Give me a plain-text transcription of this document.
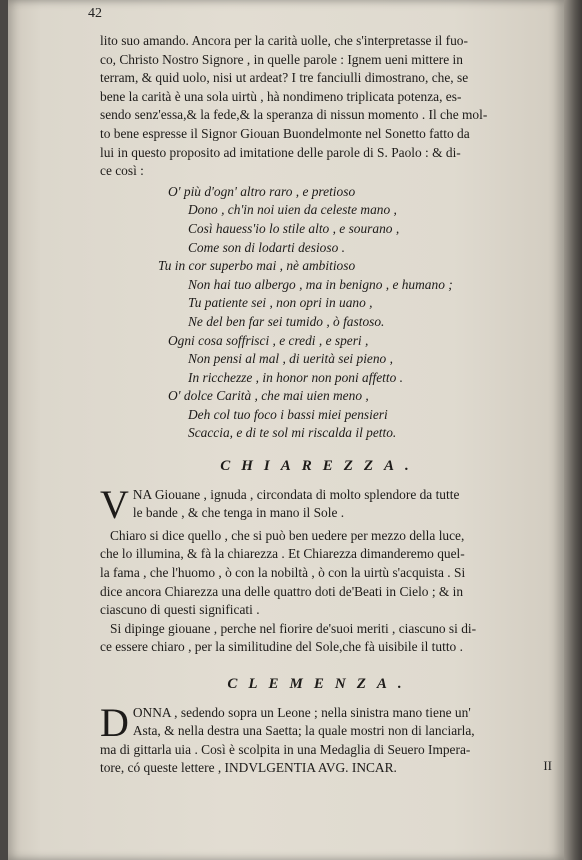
42
lito suo amando. Ancora per la carità uolle, che s'interpretasse il fuo-
co, Christo Nostro Signore , in quelle parole : Ignem ueni mittere in
terram, & quid uolo, nisi ut ardeat? I tre fanciulli dimostrano, che, se
bene la carità è una sola uirtù , hà nondimeno triplicata potenza, es-
sendo senz'essa,& la fede,& la speranza di nissun momento . Il che mol-
to bene espresse il Signor Giouan Buondelmonte nel Sonetto fatto da
lui in questo proposito ad imitatione delle parole di S. Paolo : & di-
ce così :
O' più d'ogn' altro raro , e pretioso
Dono , ch'in noi uien da celeste mano ,
Così hauess'io lo stile alto , e sourano ,
Come son di lodarti desioso .
Tu in cor superbo mai , nè ambitioso
Non hai tuo albergo , ma in benigno , e humano ;
Tu patiente sei , non opri in uano ,
Ne del ben far sei tumido , ò fastoso.
Ogni cosa soffrisci , e credi , e speri ,
Non pensi al mal , di uerità sei pieno ,
In ricchezze , in honor non poni affetto .
O' dolce Carità , che mai uien meno ,
Deh col tuo foco i bassi miei pensieri
Scaccia, e di te sol mi riscalda il petto.
CHIAREZZA.
V NA Giouane , ignuda , circondata di molto splendore da tutte
le bande , & che tenga in mano il Sole .
Chiaro si dice quello , che si può ben uedere per mezzo della luce,
che lo illumina, & fà la chiarezza . Et Chiarezza dimanderemo quel-
la fama , che l'huomo , ò con la nobiltà , ò con la uirtù s'acquista . Si
dice ancora Chiarezza una delle quattro doti de'Beati in Cielo ; & in
ciascuno di questi significati .
Si dipinge giouane , perche nel fiorire de'suoi meriti , ciascuno si di-
ce essere chiaro , per la similitudine del Sole,che fà uisibile il tutto .
CLEMENZA.
D ONNA , sedendo sopra un Leone ; nella sinistra mano tiene un'
Asta, & nella destra una Saetta; la quale mostri non di lanciarla,
ma di gittarla uia . Così è scolpita in una Medaglia di Seuero Impera-
tore, có queste lettere , INDVLGENTIA AVG. INCAR.	II
